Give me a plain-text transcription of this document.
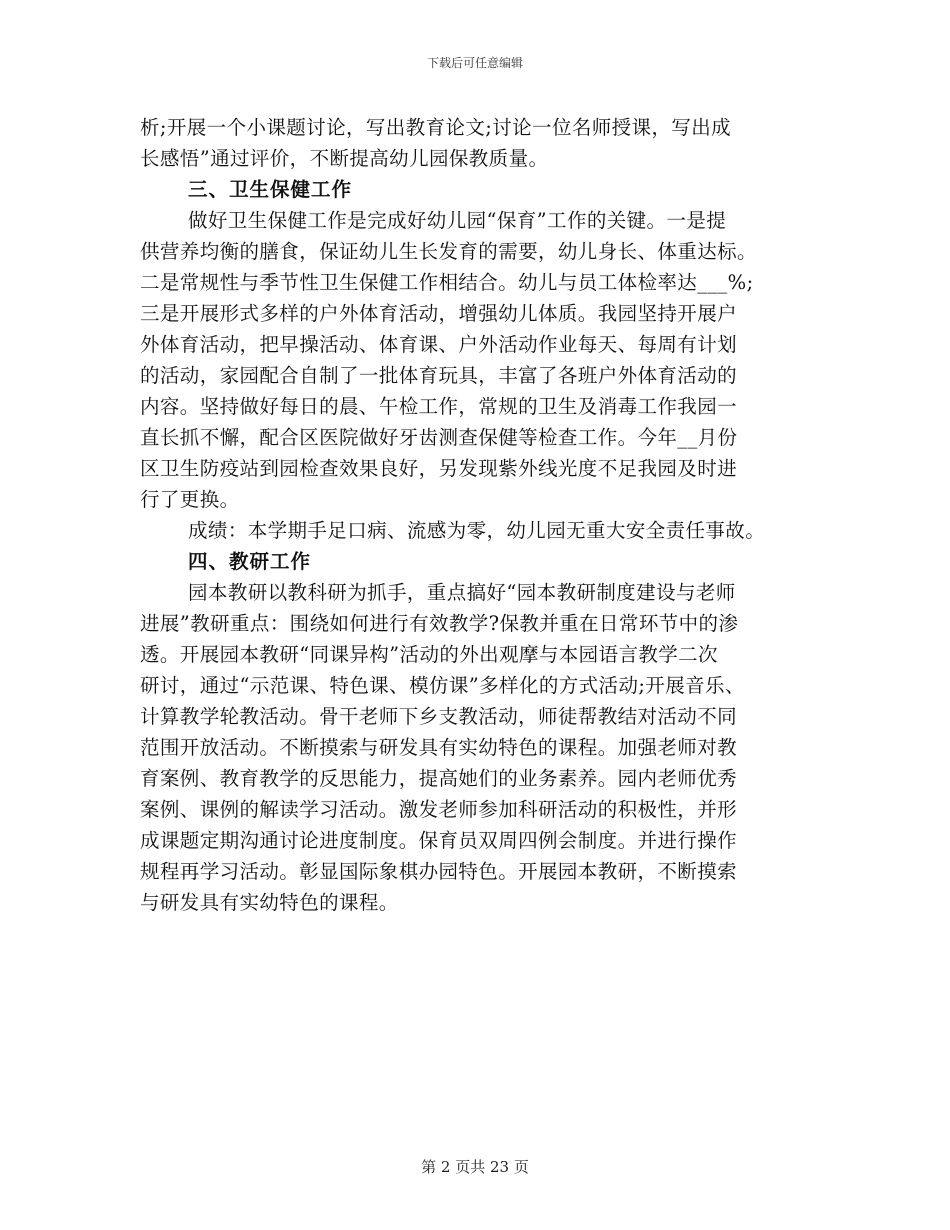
下载后可任意编辑
析;开展一个小课题讨论，写出教育论文;讨论一位名师授课，写出成
长感悟”通过评价，不断提高幼儿园保教质量。
三、卫生保健工作
做好卫生保健工作是完成好幼儿园“保育”工作的关键。一是提
供营养均衡的膳食，保证幼儿生长发育的需要，幼儿身长、体重达标。
二是常规性与季节性卫生保健工作相结合。幼儿与员工体检率达___%;
三是开展形式多样的户外体育活动，增强幼儿体质。我园坚持开展户
外体育活动，把早操活动、体育课、户外活动作业每天、每周有计划
的活动，家园配合自制了一批体育玩具，丰富了各班户外体育活动的
内容。坚持做好每日的晨、午检工作，常规的卫生及消毒工作我园一
直长抓不懈，配合区医院做好牙齿测查保健等检查工作。今年__月份
区卫生防疫站到园检查效果良好，另发现紫外线光度不足我园及时进
行了更换。
成绩：本学期手足口病、流感为零，幼儿园无重大安全责任事故。
四、教研工作
园本教研以教科研为抓手，重点搞好“园本教研制度建设与老师
进展”教研重点：围绕如何进行有效教学?保教并重在日常环节中的渗
透。开展园本教研“同课异构”活动的外出观摩与本园语言教学二次
研讨，通过“示范课、特色课、模仿课”多样化的方式活动;开展音乐、
计算教学轮教活动。骨干老师下乡支教活动，师徒帮教结对活动不同
范围开放活动。不断摸索与研发具有实幼特色的课程。加强老师对教
育案例、教育教学的反思能力，提高她们的业务素养。园内老师优秀
案例、课例的解读学习活动。激发老师参加科研活动的积极性，并形
成课题定期沟通讨论进度制度。保育员双周四例会制度。并进行操作
规程再学习活动。彰显国际象棋办园特色。开展园本教研，不断摸索
与研发具有实幼特色的课程。
第 2 页共 23 页
